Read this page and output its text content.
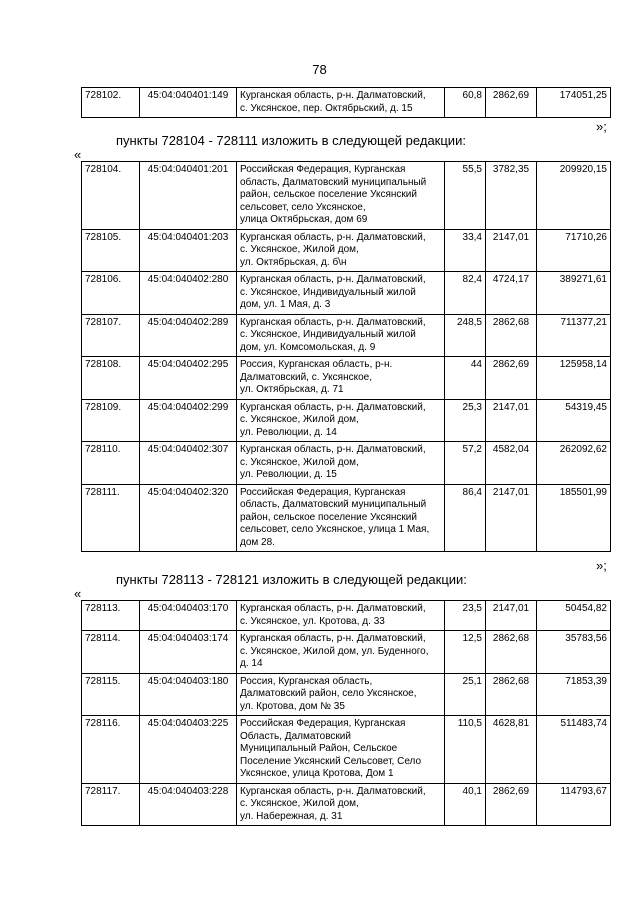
78
728102.	45:04:040401:149	Курганская область, р-н. Далматовский,
с. Уксянское, пер. Октябрьский, д. 15
	60,8	2862,69	174051,25
»;
пункты 728104 - 728111 изложить в следующей редакции:
«
728104.	45:04:040401:201	Российская Федерация, Курганская
область, Далматовский муниципальный
район, сельское поселение Уксянский
сельсовет, село Уксянское,
улица Октябрьская, дом 69	55,5	3782,35	209920,15
728105.	45:04:040401:203	Курганская область, р-н. Далматовский,
с. Уксянское, Жилой дом,
ул. Октябрьская, д. б\н	33,4	2147,01	71710,26
728106.	45:04:040402:280	Курганская область, р-н. Далматовский,
с. Уксянское, Индивидуальный жилой
дом, ул. 1 Мая, д. 3	82,4	4724,17	389271,61
728107.	45:04:040402:289	Курганская область, р-н. Далматовский,
с. Уксянское, Индивидуальный жилой
дом, ул. Комсомольская, д. 9	248,5	2862,68	711377,21
728108.	45:04:040402:295	Россия, Курганская область, р-н.
Далматовский, с. Уксянское,
ул. Октябрьская, д. 71	44	2862,69	125958,14
728109.	45:04:040402:299	Курганская область, р-н. Далматовский,
с. Уксянское, Жилой дом,
ул. Революции, д. 14	25,3	2147,01	54319,45
728110.	45:04:040402:307	Курганская область, р-н. Далматовский,
с. Уксянское, Жилой дом,
ул. Революции, д. 15	57,2	4582,04	262092,62
728111.	45:04:040402:320	Российская Федерация, Курганская
область, Далматовский муниципальный
район, сельское поселение Уксянский
сельсовет, село Уксянское, улица 1 Мая,
дом 28.	86,4	2147,01	185501,99
»;
пункты 728113 - 728121 изложить в следующей редакции:
«
728113.	45:04:040403:170	Курганская область, р-н. Далматовский,
с. Уксянское, ул. Кротова, д. 33	23,5	2147,01	50454,82
728114.	45:04:040403:174	Курганская область, р-н. Далматовский,
с. Уксянское, Жилой дом, ул. Буденного,
д. 14	12,5	2862,68	35783,56
728115.	45:04:040403:180	Россия, Курганская область,
Далматовский район, село Уксянское,
ул. Кротова, дом № 35	25,1	2862,68	71853,39
728116.	45:04:040403:225	Российская Федерация, Курганская
Область, Далматовский
Муниципальный Район, Сельское
Поселение Уксянский Сельсовет, Село
Уксянское, улица Кротова, Дом 1	110,5	4628,81	511483,74
728117.	45:04:040403:228	Курганская область, р-н. Далматовский,
с. Уксянское, Жилой дом,
ул. Набережная, д. 31	40,1	2862,69	114793,67
